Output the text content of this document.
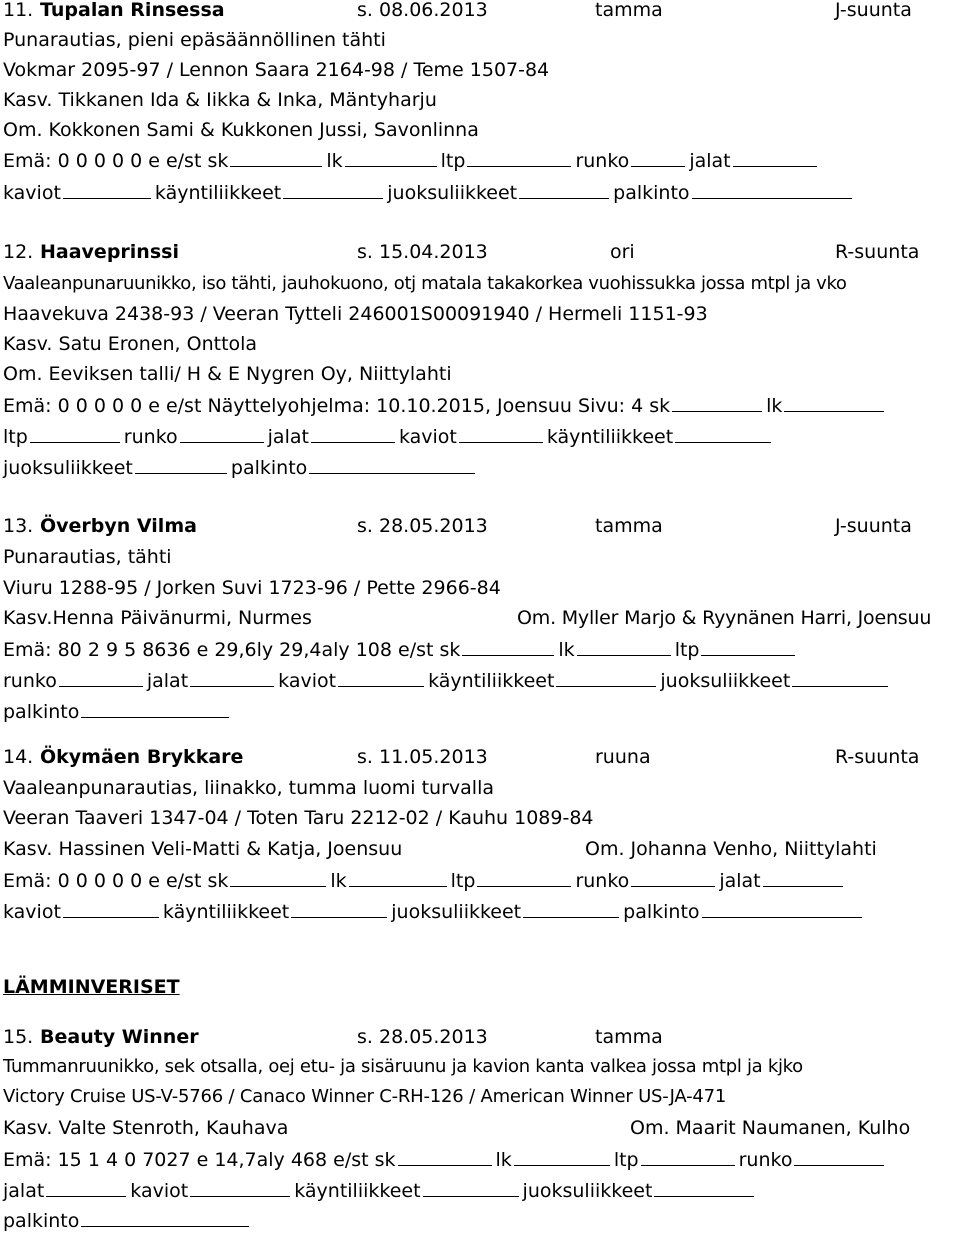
11. Tupalan Rinsessa	s. 08.06.2013	tamma	J-suunta
Punarautias, pieni epäsäännöllinen tähti
Vokmar 2095-97 / Lennon Saara 2164-98 / Teme 1507-84
Kasv. Tikkanen Ida & Iikka & Inka, Mäntyharju
Om. Kokkonen Sami & Kukkonen Jussi, Savonlinna
Emä: 0 0 0 0 0 e e/st sk	lk	ltp	runko	jalat
kaviot	käyntiliikkeet	juoksuliikkeet	palkinto
12. Haaveprinssi	s. 15.04.2013	ori	R-suunta
Vaaleanpunaruunikko, iso tähti, jauhokuono, otj matala takakorkea vuohissukka jossa mtpl ja vko
Haavekuva 2438-93 / Veeran Tytteli 246001S00091940 / Hermeli 1151-93
Kasv. Satu Eronen, Onttola
Om. Eeviksen talli/ H & E Nygren Oy, Niittylahti
Emä: 0 0 0 0 0 e e/st Näyttelyohjelma: 10.10.2015, Joensuu Sivu: 4 sk	lk
ltp	runko	jalat	kaviot	käyntiliikkeet
juoksuliikkeet	palkinto
13. Överbyn Vilma	s. 28.05.2013	tamma	J-suunta
Punarautias, tähti
Viuru 1288-95 / Jorken Suvi 1723-96 / Pette 2966-84
Kasv.Henna Päivänurmi, Nurmes	Om. Myller Marjo & Ryynänen Harri, Joensuu
Emä: 80 2 9 5 8636 e 29,6ly 29,4aly 108 e/st sk	lk	ltp
runko	jalat	kaviot	käyntiliikkeet	juoksuliikkeet
palkinto
14. Ökymäen Brykkare	s. 11.05.2013	ruuna	R-suunta
Vaaleanpunarautias, liinakko, tumma luomi turvalla
Veeran Taaveri 1347-04 / Toten Taru 2212-02 / Kauhu 1089-84
Kasv. Hassinen Veli-Matti & Katja, Joensuu	Om. Johanna Venho, Niittylahti
Emä: 0 0 0 0 0 e e/st sk	lk	ltp	runko	jalat
kaviot	käyntiliikkeet	juoksuliikkeet	palkinto
LÄMMINVERISET
15. Beauty Winner	s. 28.05.2013	tamma
Tummanruunikko, sek otsalla, oej etu- ja sisäruunu ja kavion kanta valkea jossa mtpl ja kjko
Victory Cruise US-V-5766 / Canaco Winner C-RH-126 / American Winner US-JA-471
Kasv. Valte Stenroth, Kauhava	Om. Maarit Naumanen, Kulho
Emä: 15 1 4 0 7027 e 14,7aly 468 e/st sk	lk	ltp	runko
jalat	kaviot	käyntiliikkeet	juoksuliikkeet
palkinto
